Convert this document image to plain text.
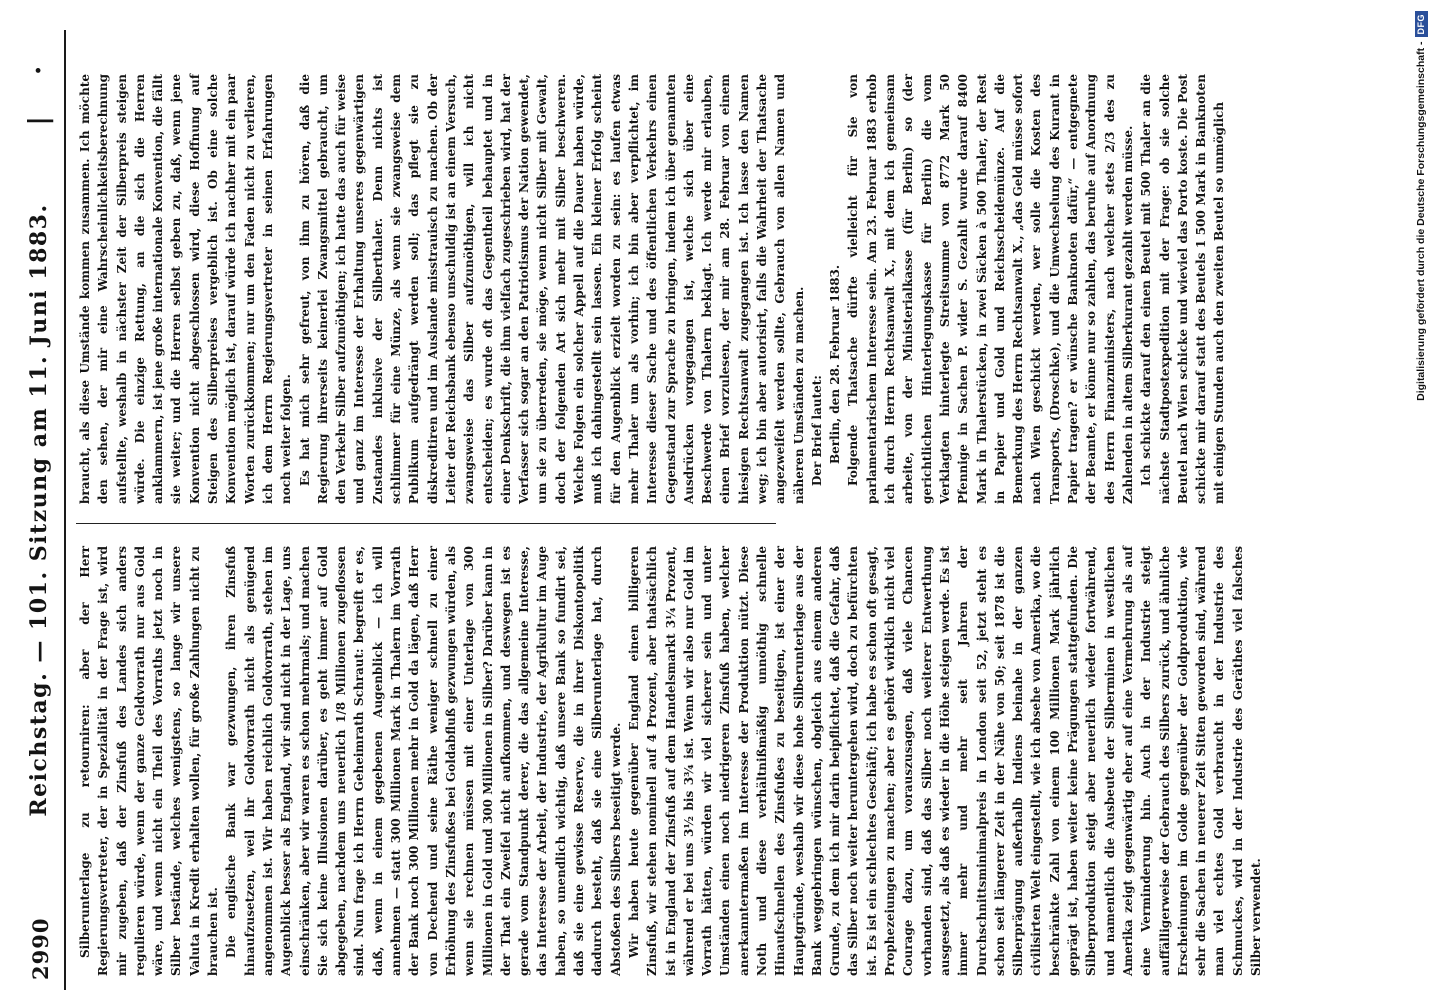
2990
Reichstag. — 101. Sitzung am 11. Juni 1883.
| ·

Silberunterlage zu retourniren: aber der Herr Regierungsvertreter, der in Spezialität in der Frage ist, wird mir zugeben, daß der Zinsfuß des Landes sich anders regulieren würde, wenn der ganze Geldvorrath nur aus Gold wäre, und wenn nicht ein Theil des Vorraths jetzt noch in Silber bestände, welches wenigstens, so lange wir unsere Valuta in Kredit erhalten wollen, für große Zahlungen nicht zu brauchen ist. Die englische Bank war gezwungen, ihren Zinsfuß hinaufzusetzen, weil ihr Goldvorrath nicht als genügend angenommen ist. Wir haben reichlich Goldvorrath, stehen im Augenblick besser als England, wir sind nicht in der Lage, uns einschränken, aber wir waren es schon mehrmals; und machen Sie sich keine Illusionen darüber, es geht immer auf Gold abgegeben, nachdem uns neuerlich 1/8 Millionen zugeflossen sind. Nun frage ich Herrn Geheimrath Schraut: begreift er es, daß, wenn in einem gegebenen Augenblick — ich will annehmen — statt 300 Millionen Mark in Thalern im Vorrath der Bank noch 300 Millionen mehr in Gold da lägen, daß Herr von Dechend und seine Räthe weniger schnell zu einer Erhöhung des Zinsfußes bei Goldabfluß gezwungen würden, als wenn sie rechnen müssen mit einer Unterlage von 300 Millionen in Gold und 300 Millionen in Silber? Darüber kann in der That ein Zweifel nicht aufkommen, und deswegen ist es gerade vom Standpunkt derer, die das allgemeine Interesse, das Interesse der Arbeit, der Industrie, der Agrikultur im Auge haben, so unendlich wichtig, daß unsere Bank so fundirt sei, daß sie eine gewisse Reserve, die in ihrer Diskontopolitik dadurch besteht, daß sie eine Silberunterlage hat, durch Abstoßen des Silbers beseitigt werde. Wir haben heute gegenüber England einen billigeren Zinsfuß, wir stehen nominell auf 4 Prozent, aber thatsächlich ist in England der Zinsfuß auf dem Handelsmarkt 3¼ Prozent, während er bei uns 3½ bis 3¾ ist. Wenn wir also nur Gold im Vorrath hätten, würden wir viel sicherer sein und unter Umständen einen noch niedrigeren Zinsfuß haben, welcher anerkanntermaßen im Interesse der Produktion nützt. Diese Noth und diese verhältnißmäßig unnöthig schnelle Hinaufschnellen des Zinsfußes zu beseitigen, ist einer der Hauptgründe, weshalb wir diese hohe Silberunterlage aus der Bank weggebringen wünschen, obgleich aus einem anderen Grunde, zu dem ich mir darin beipflichtet, daß die Gefahr, daß das Silber noch weiter heruntergehen wird, doch zu befürchten ist. Es ist ein schlechtes Geschäft; ich habe es schon oft gesagt, Prophezeiungen zu machen; aber es gehört wirklich nicht viel Courage dazu, um vorauszusagen, daß viele Chancen vorhanden sind, daß das Silber noch weiterer Entwerthung ausgesetzt, als daß es wieder in die Höhe steigen werde. Es ist immer mehr und mehr seit Jahren der Durchschnittsminimalpreis in London seit 52, jetzt steht es schon seit längerer Zeit in der Nähe von 50; seit 1878 ist die Silberprägung außerhalb Indiens beinahe in der ganzen civilisirten Welt eingestellt, wie ich absehe von Amerika, wo die beschränkte Zahl von einem 100 Millionen Mark jährlich geprägt ist, haben weiter keine Prägungen stattgefunden. Die Silberproduktion steigt aber neuerlich wieder fortwährend, und namentlich die Ausbeute der Silberminen in westlichen Amerika zeigt gegenwärtig eher auf eine Vermehrung als auf eine Verminderung hin. Auch in der Industrie steigt auffälligerweise der Gebrauch des Silbers zurück, und ähnliche Erscheinungen im Golde gegenüber der Goldproduktion, wie sehr die Sachen in neuerer Zeit Sitten geworden sind, während man viel echtes Gold verbraucht in der Industrie des Schmuckes, wird in der Industrie des Geräthes viel falsches Silber verwendet.

braucht, als diese Umstände kommen zusammen. Ich möchte den sehen, der mir eine Wahrscheinlichkeitsberechnung aufstellte, weshalb in nächster Zeit der Silberpreis steigen würde. Die einzige Rettung, an die sich die Herren anklammern, ist jene große internationale Konvention, die fällt sie weiter; und die Herren selbst geben zu, daß, wenn jene Konvention nicht abgeschlossen wird, diese Hoffnung auf Steigen des Silberpreises vergeblich ist. Ob eine solche Konvention möglich ist, darauf würde ich nachher mit ein paar Worten zurückkommen; nur um den Faden nicht zu verlieren, ich dem Herrn Regierungsvertreter in seinen Erfahrungen noch weiter folgen. Es hat mich sehr gefreut, von ihm zu hören, daß die Regierung ihrerseits keinerlei Zwangsmittel gebraucht, um den Verkehr Silber aufzunöthigen; ich hatte das auch für weise und ganz im Interesse der Erhaltung unseres gegenwärtigen Zustandes inklusive der Silberthaler. Denn nichts ist schlimmer für eine Münze, als wenn sie zwangsweise dem Publikum aufgedrängt werden soll; das pflegt sie zu diskreditiren und im Auslande misstrauisch zu machen. Ob der Leiter der Reichsbank ebenso unschuldig ist an einem Versuch, zwangsweise das Silber aufzunöthigen, will ich nicht entscheiden; es wurde oft das Gegentheil behauptet und in einer Denkschrift, die ihm vielfach zugeschrieben wird, hat der Verfasser sich sogar an den Patriotismus der Nation gewendet, um sie zu überreden, sie möge, wenn nicht Silber mit Gewalt, doch der folgenden Art sich mehr mit Silber beschweren. Welche Folgen ein solcher Appell auf die Dauer haben würde, muß ich dahingestellt sein lassen. Ein kleiner Erfolg scheint für den Augenblick erzielt worden zu sein: es laufen etwas mehr Thaler um als vorhin; ich bin aber verpflichtet, im Interesse dieser Sache und des öffentlichen Verkehrs einen Gegenstand zur Sprache zu bringen, indem ich über genannten Ausdrücken vorgegangen ist, welche sich über eine Beschwerde von Thalern beklagt. Ich werde mir erlauben, einen Brief vorzulesen, der mir am 28. Februar von einem hiesigen Rechtsanwalt zugegangen ist. Ich lasse den Namen weg; ich bin aber autorisirt, falls die Wahrheit der Thatsache angezweifelt werden sollte, Gebrauch von allen Namen und näheren Umständen zu machen. Der Brief lautet: Berlin, den 28. Februar 1883. Folgende Thatsache dürfte vielleicht für Sie von parlamentarischem Interesse sein. Am 23. Februar 1883 erhob ich durch Herrn Rechtsanwalt X., mit dem ich gemeinsam arbeite, von der Ministerialkasse (für Berlin) so (der gerichtlichen Hinterlegungskasse für Berlin) die vom Verklagten hinterlegte Streitsumme von 8772 Mark 50 Pfennige in Sachen P. wider S. Gezahlt wurde darauf 8400 Mark in Thalerstücken, in zwei Säcken à 500 Thaler, der Rest in Papier und Gold und Reichsscheidemünze. Auf die Bemerkung des Herrn Rechtsanwalt X., „das Geld müsse sofort nach Wien geschickt werden, wer solle die Kosten des Transports, (Droschke), und die Umwechselung des Kurant in Papier tragen? er wünsche Banknoten dafür,“ — entgegnete der Beamte, er könne nur so zahlen, das beruhe auf Anordnung des Herrn Finanzministers, nach welcher stets 2/3 des zu Zahlenden in altem Silberkurant gezahlt werden müsse. Ich schickte darauf den einen Beutel mit 500 Thaler an die nächste Stadtpostexpedition mit der Frage: ob sie solche Beutel nach Wien schicke und wieviel das Porto koste. Die Post schickte mir darauf statt des Beutels 1 500 Mark in Banknoten mit einigen Stunden auch den zweiten Beutel so unmöglich	Digitalisierung gefördert durch die Deutsche Forschungsgemeinschaft -
DFG
